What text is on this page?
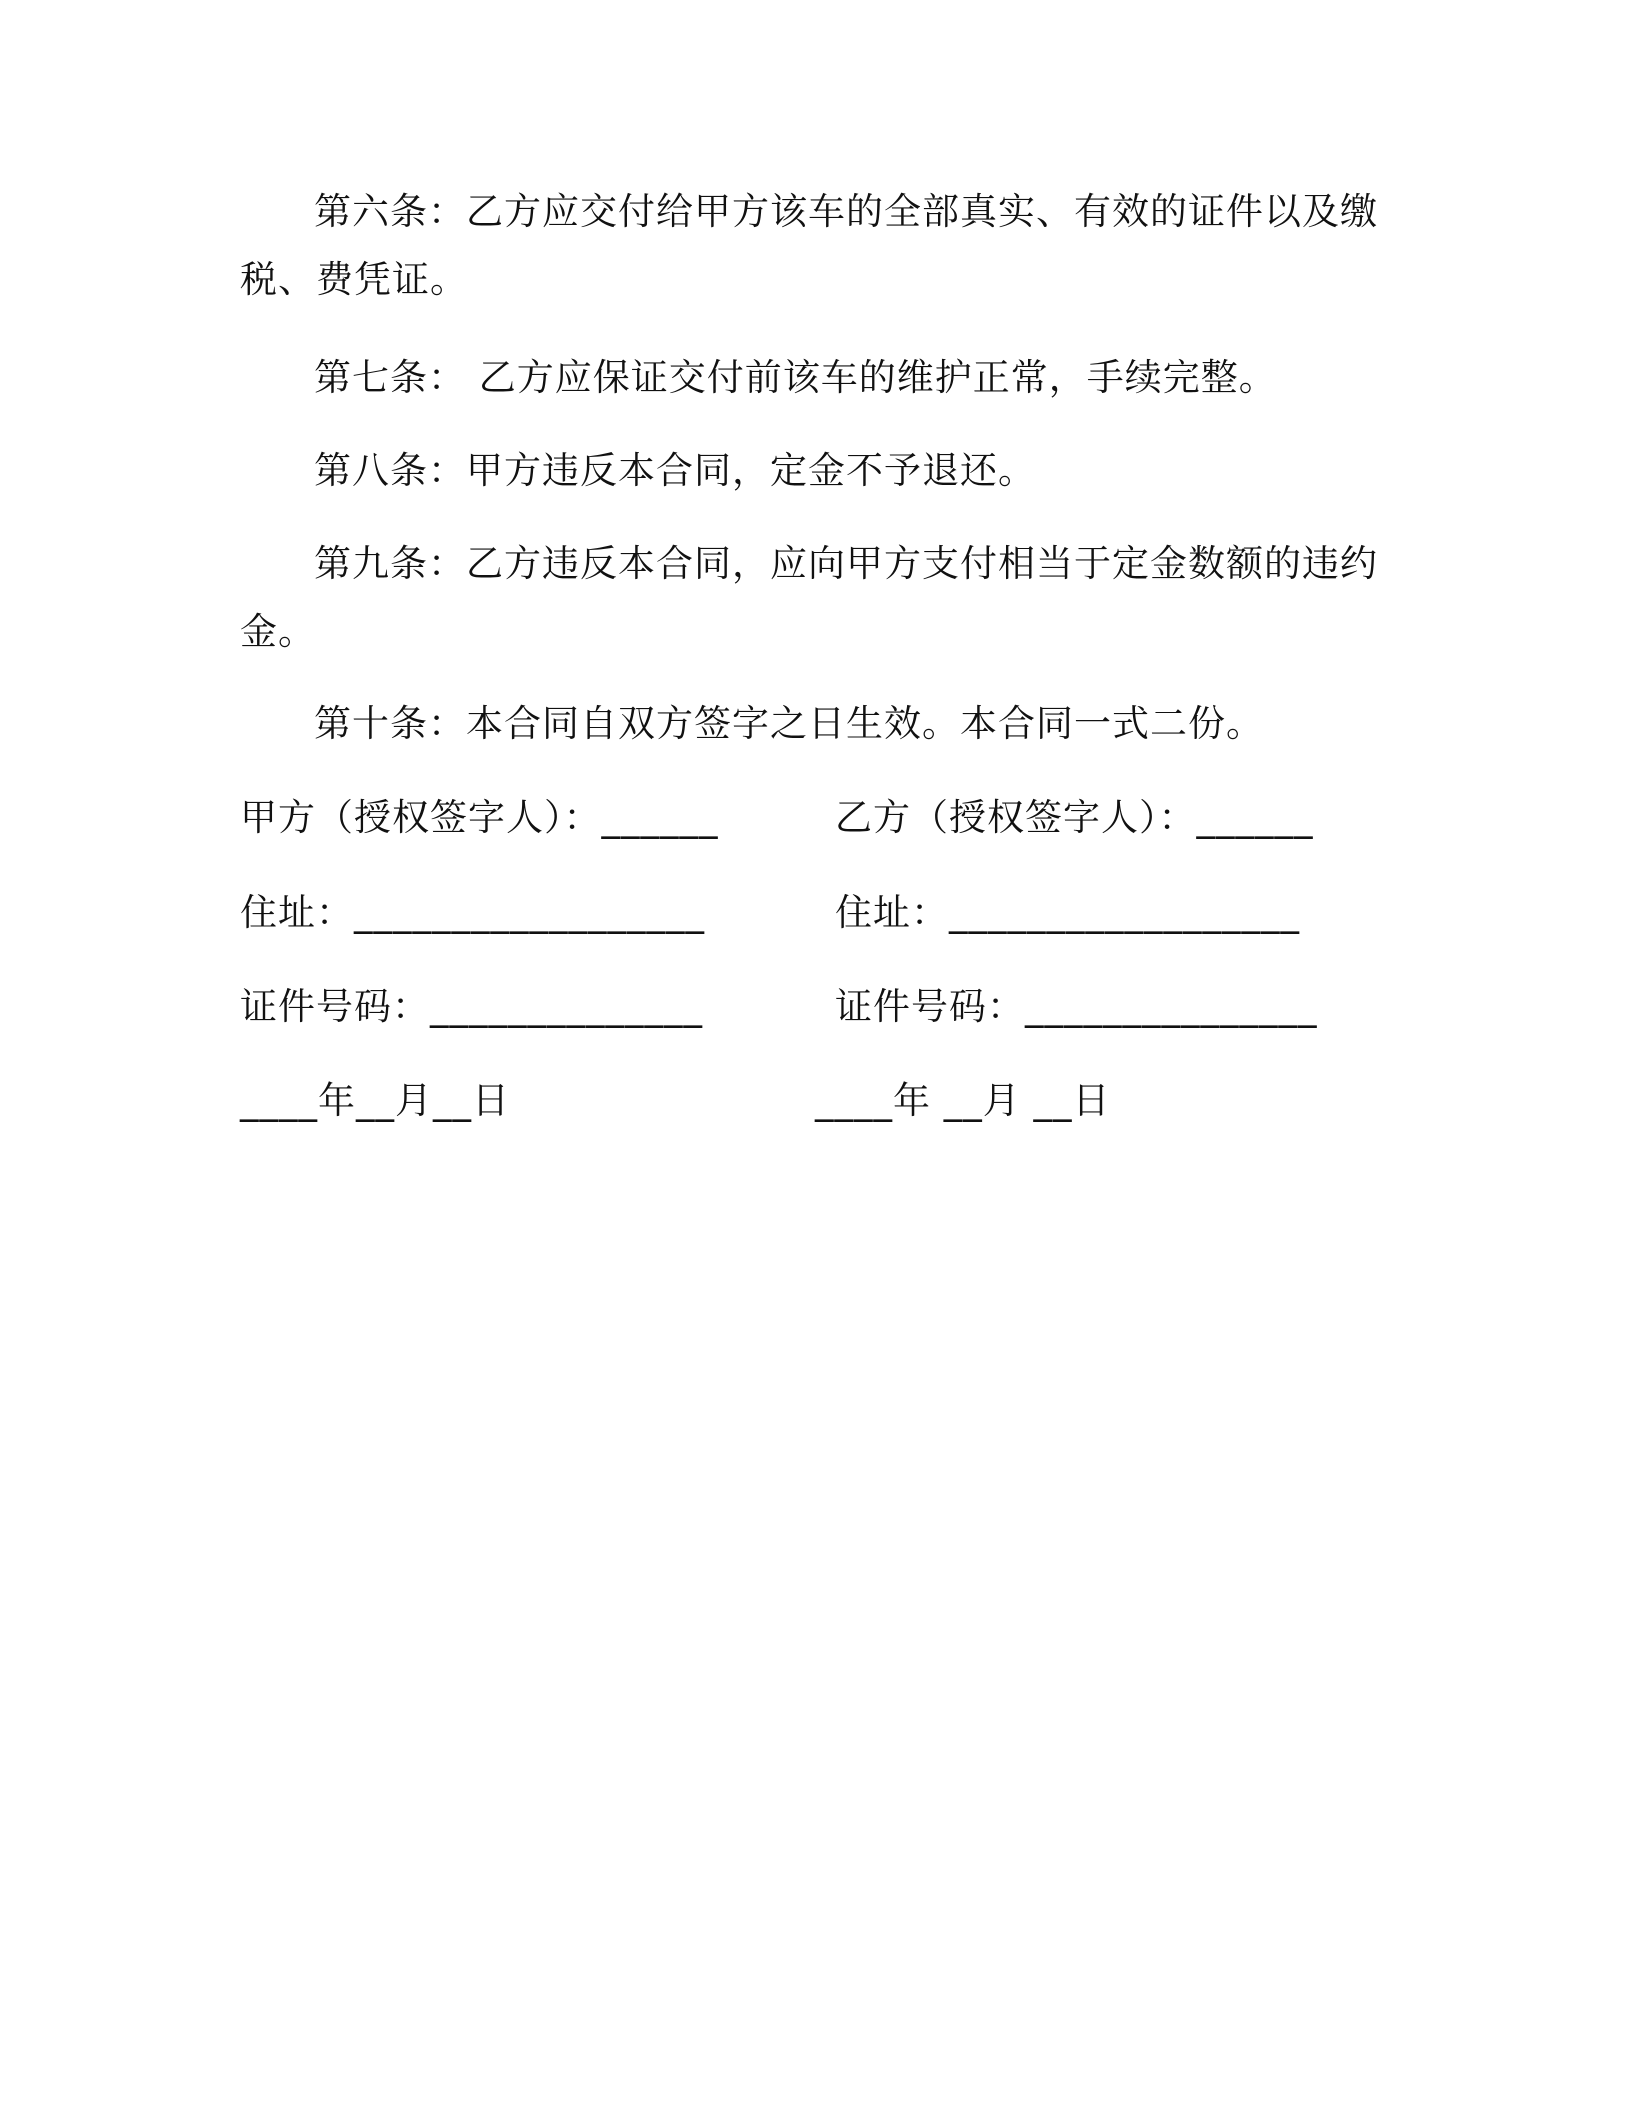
第六条：乙方应交付给甲方该车的全部真实、有效的证件以及缴税、费凭证。

第七条： 乙方应保证交付前该车的维护正常，手续完整。

第八条：甲方违反本合同，定金不予退还。

第九条：乙方违反本合同，应向甲方支付相当于定金数额的违约金。

第十条：本合同自双方签字之日生效。本合同一式二份。

甲方（授权签字人）：______	乙方（授权签字人）：______
住址：__________________	住址：__________________
证件号码：______________	证件号码：_______________
____年__月__日	____年 __月 __日
